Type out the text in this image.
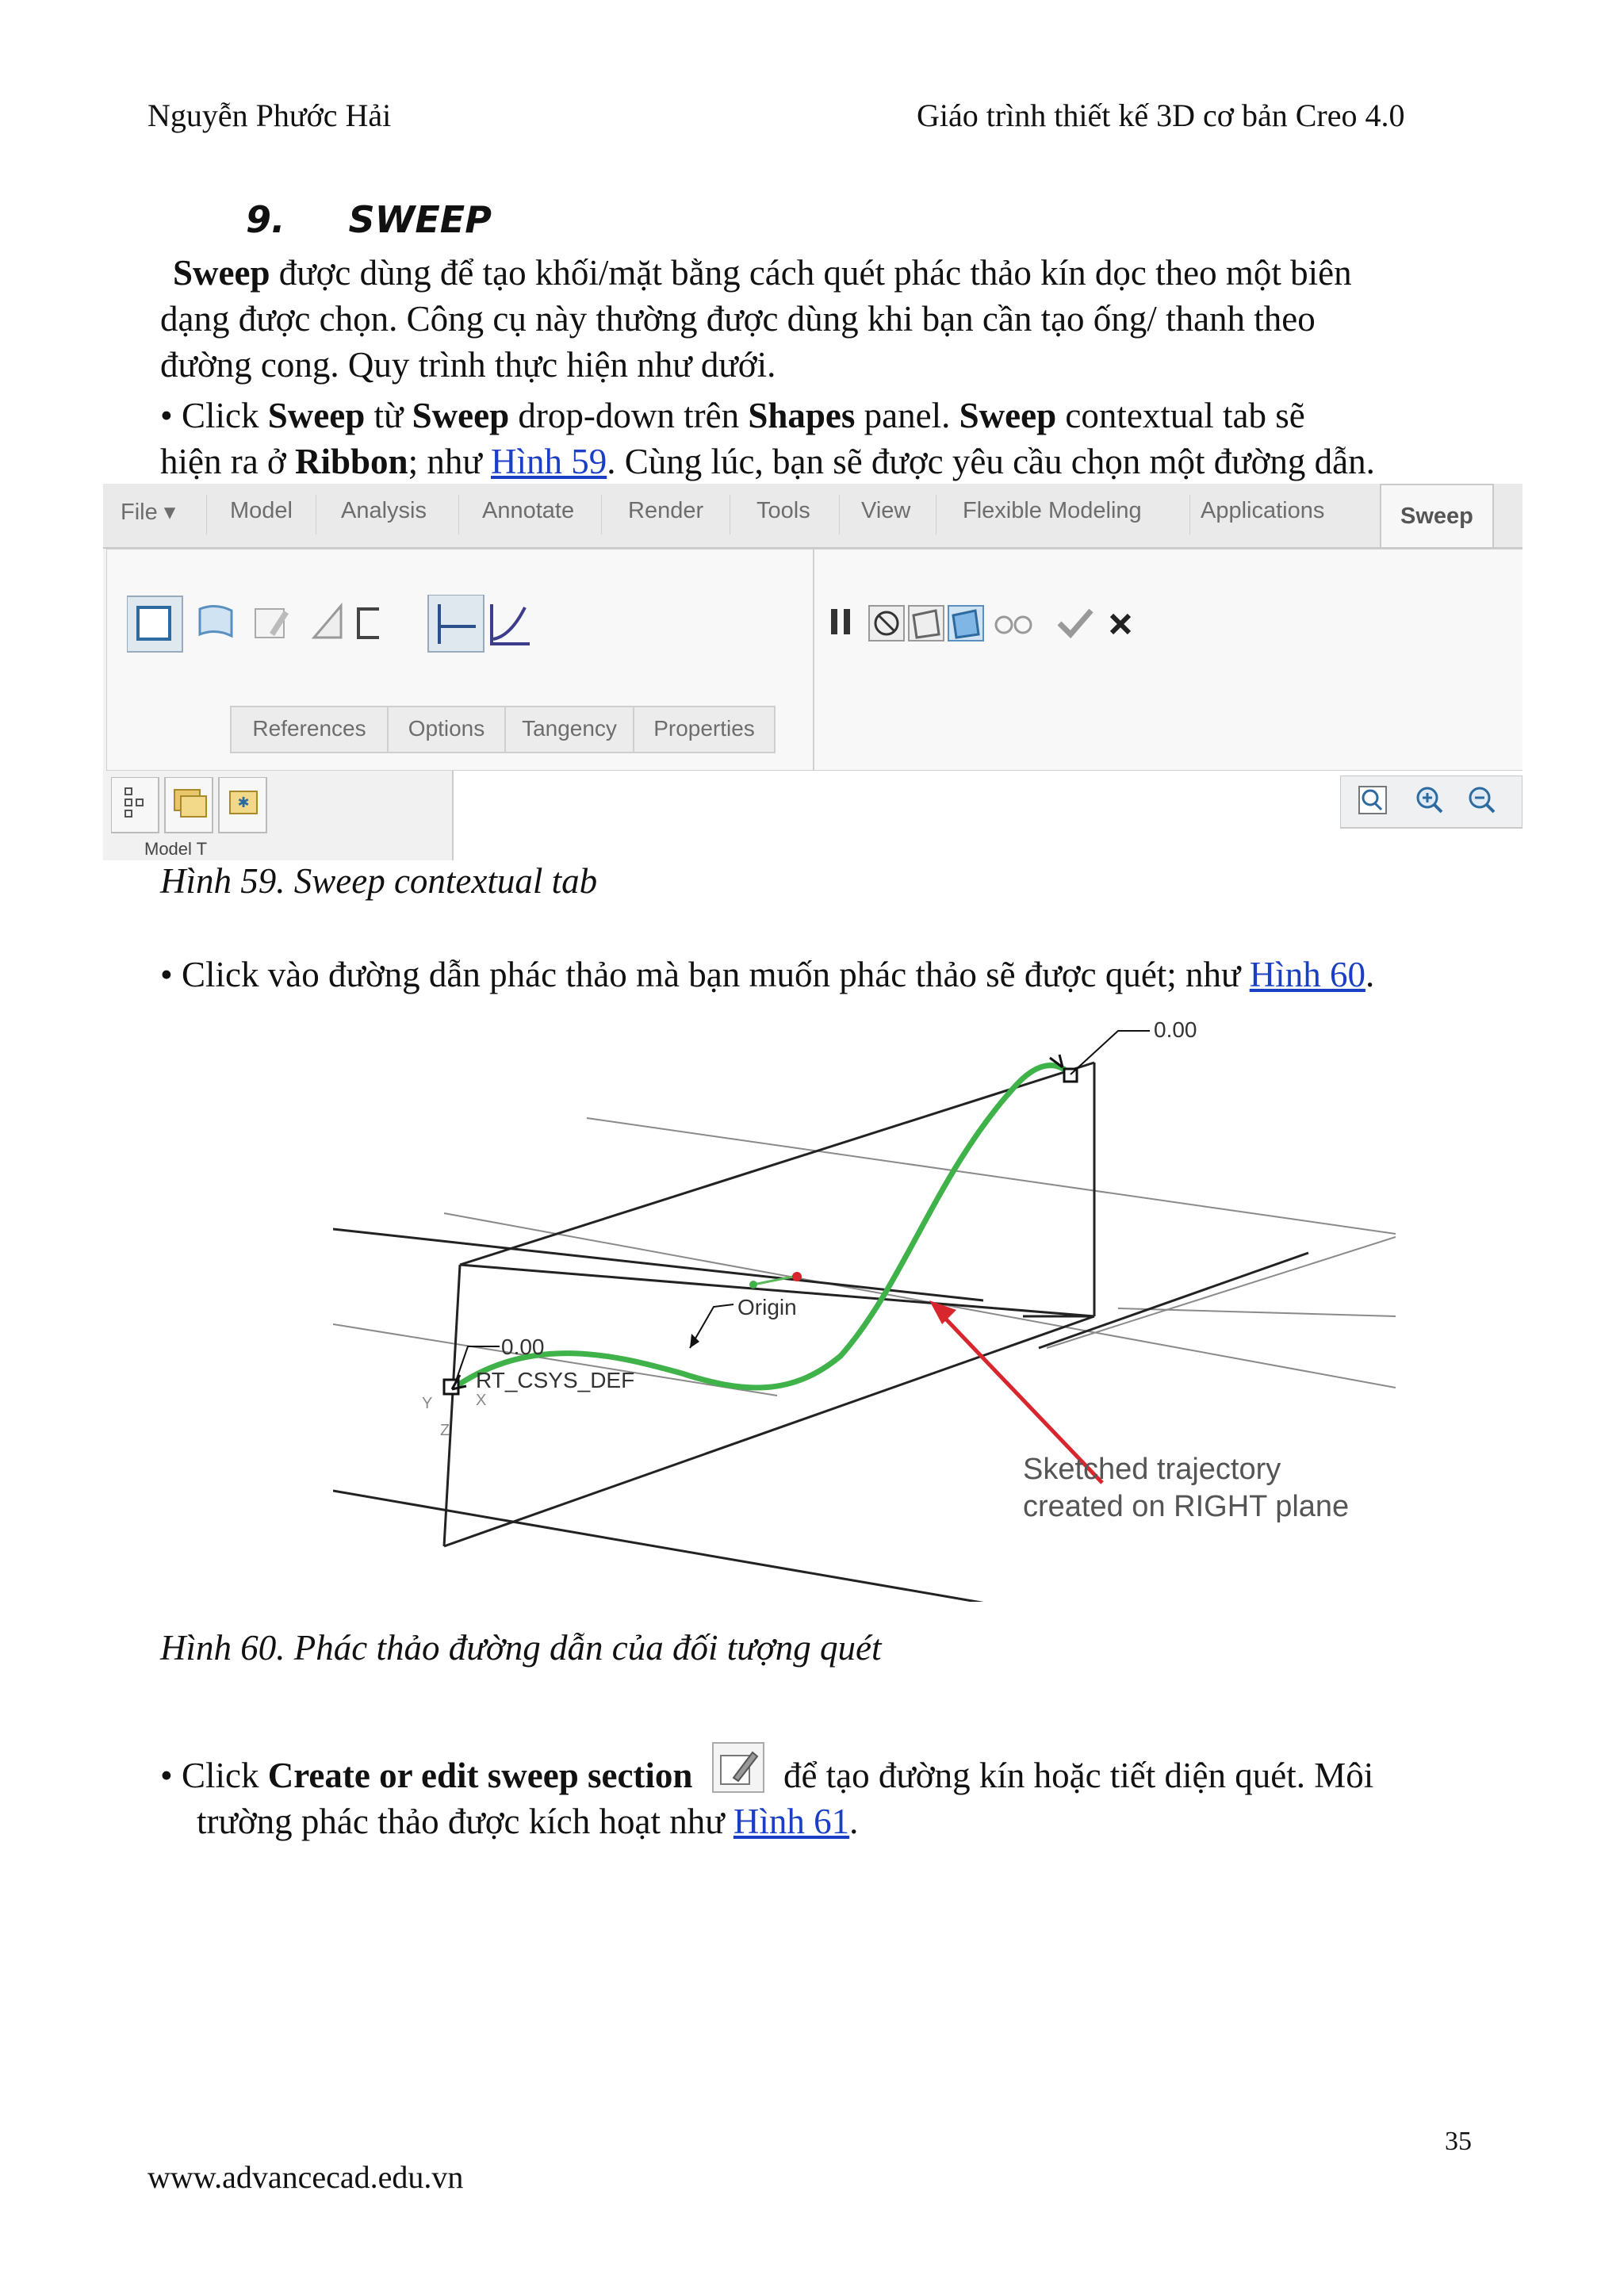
Nguyễn Phước Hải	Giáo trình thiết kế 3D cơ bản Creo 4.0
9. SWEEP
Sweep được dùng để tạo khối/mặt bằng cách quét phác thảo kín dọc theo một biên
dạng được chọn. Công cụ này thường được dùng khi bạn cần tạo ống/ thanh theo
đường cong. Quy trình thực hiện như dưới.
• Click Sweep từ Sweep drop-down trên Shapes panel. Sweep contextual tab sẽ
hiện ra ở Ribbon; như Hình 59. Cùng lúc, bạn sẽ được yêu cầu chọn một đường dẫn.
File ▾ Model Analysis Annotate Render Tools View Flexible Modeling	Applications	Sweep
References	Options	Tangency	Properties
✱
Model T
Hình 59. Sweep contextual tab
• Click vào đường dẫn phác thảo mà bạn muốn phác thảo sẽ được quét; như Hình 60.
0.00
0.00
Origin
RT_CSYS_DEF
Y	X
Z
Sketched trajectory
created on RIGHT plane
Hình 60. Phác thảo đường dẫn của đối tượng quét
• Click Create or edit sweep section  để tạo đường kín hoặc tiết diện quét. Môi
trường phác thảo được kích hoạt như Hình 61.
35
www.advancecad.edu.vn
